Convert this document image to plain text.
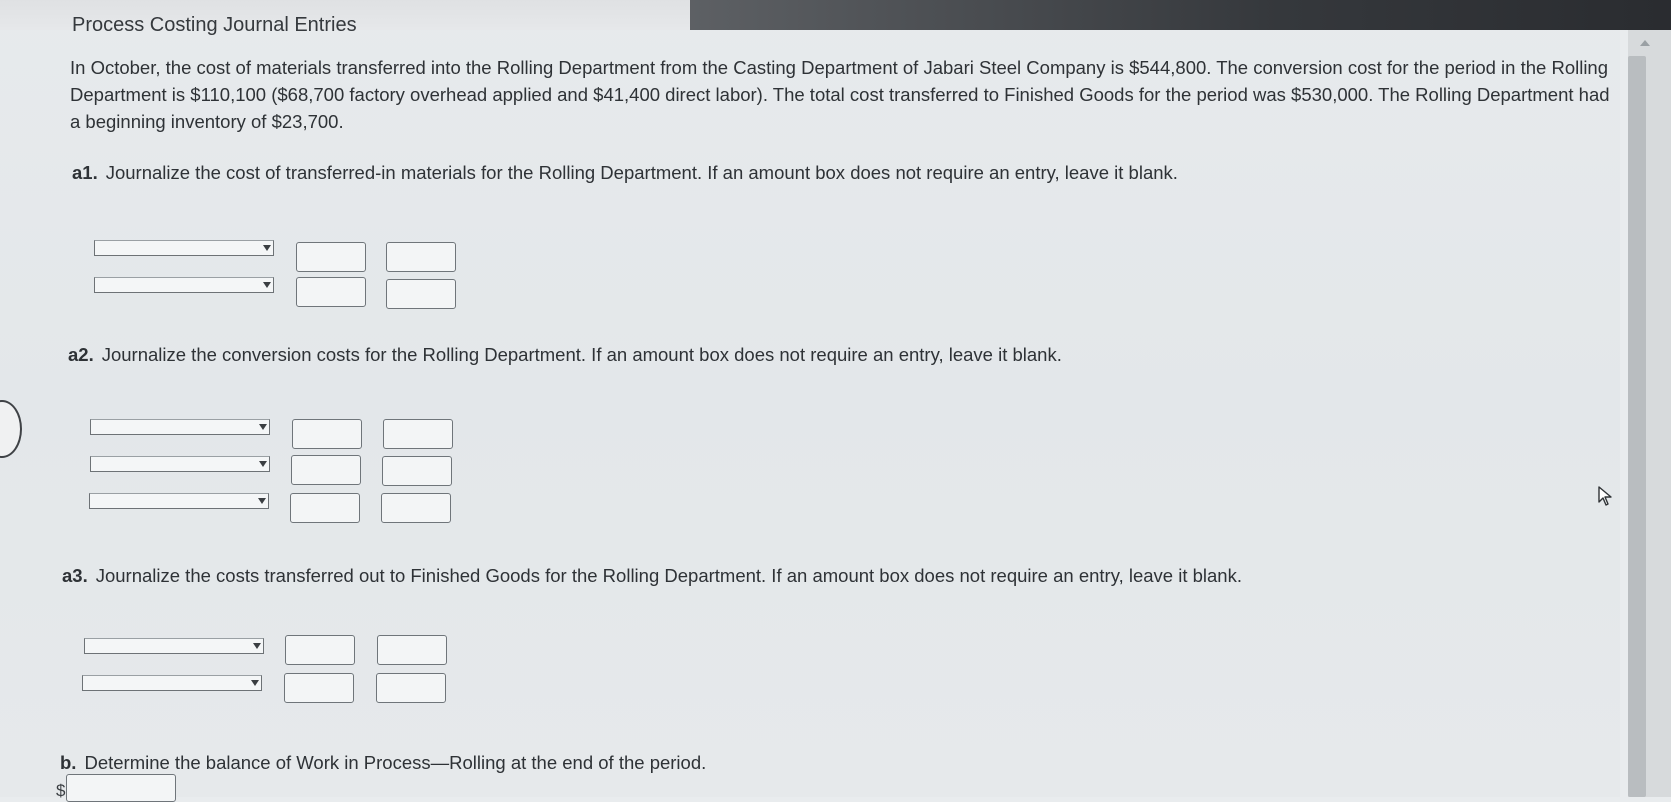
Process Costing Journal Entries
In October, the cost of materials transferred into the Rolling Department from the Casting Department of Jabari Steel Company is $544,800. The conversion cost for the period in the Rolling Department is $110,100 ($68,700 factory overhead applied and $41,400 direct labor). The total cost transferred to Finished Goods for the period was $530,000. The Rolling Department had a beginning inventory of $23,700.
a1. Journalize the cost of transferred-in materials for the Rolling Department. If an amount box does not require an entry, leave it blank.
a2. Journalize the conversion costs for the Rolling Department. If an amount box does not require an entry, leave it blank.
a3. Journalize the costs transferred out to Finished Goods for the Rolling Department. If an amount box does not require an entry, leave it blank.
b. Determine the balance of Work in Process—Rolling at the end of the period.
$
